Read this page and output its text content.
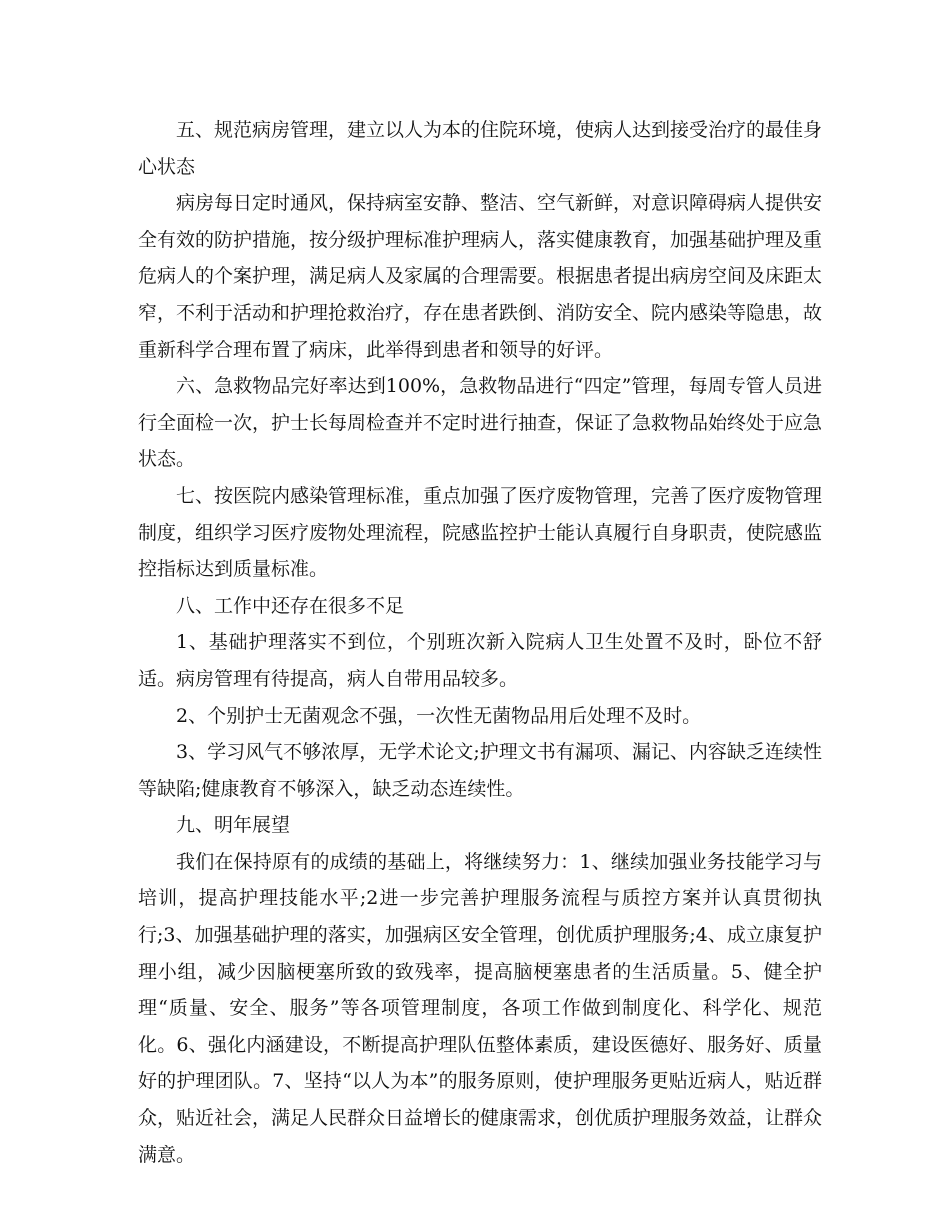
五、规范病房管理，建立以人为本的住院环境，使病人达到接受治疗的最佳身心状态

病房每日定时通风，保持病室安静、整洁、空气新鲜，对意识障碍病人提供安全有效的防护措施，按分级护理标准护理病人，落实健康教育，加强基础护理及重危病人的个案护理，满足病人及家属的合理需要。根据患者提出病房空间及床距太窄，不利于活动和护理抢救治疗，存在患者跌倒、消防安全、院内感染等隐患，故重新科学合理布置了病床，此举得到患者和领导的好评。

六、急救物品完好率达到100%，急救物品进行“四定”管理，每周专管人员进行全面检一次，护士长每周检查并不定时进行抽查，保证了急救物品始终处于应急状态。

七、按医院内感染管理标准，重点加强了医疗废物管理，完善了医疗废物管理制度，组织学习医疗废物处理流程，院感监控护士能认真履行自身职责，使院感监控指标达到质量标准。

八、工作中还存在很多不足

1、基础护理落实不到位，个别班次新入院病人卫生处置不及时，卧位不舒适。病房管理有待提高，病人自带用品较多。

2、个别护士无菌观念不强，一次性无菌物品用后处理不及时。

3、学习风气不够浓厚，无学术论文;护理文书有漏项、漏记、内容缺乏连续性等缺陷;健康教育不够深入，缺乏动态连续性。

九、明年展望

我们在保持原有的成绩的基础上，将继续努力：1、继续加强业务技能学习与培训，提高护理技能水平;2进一步完善护理服务流程与质控方案并认真贯彻执行;3、加强基础护理的落实，加强病区安全管理，创优质护理服务;4、成立康复护理小组，减少因脑梗塞所致的致残率，提高脑梗塞患者的生活质量。5、健全护理“质量、安全、服务”等各项管理制度，各项工作做到制度化、科学化、规范化。6、强化内涵建设，不断提高护理队伍整体素质，建设医德好、服务好、质量好的护理团队。7、坚持“以人为本”的服务原则，使护理服务更贴近病人，贴近群众，贴近社会，满足人民群众日益增长的健康需求，创优质护理服务效益，让群众满意。
